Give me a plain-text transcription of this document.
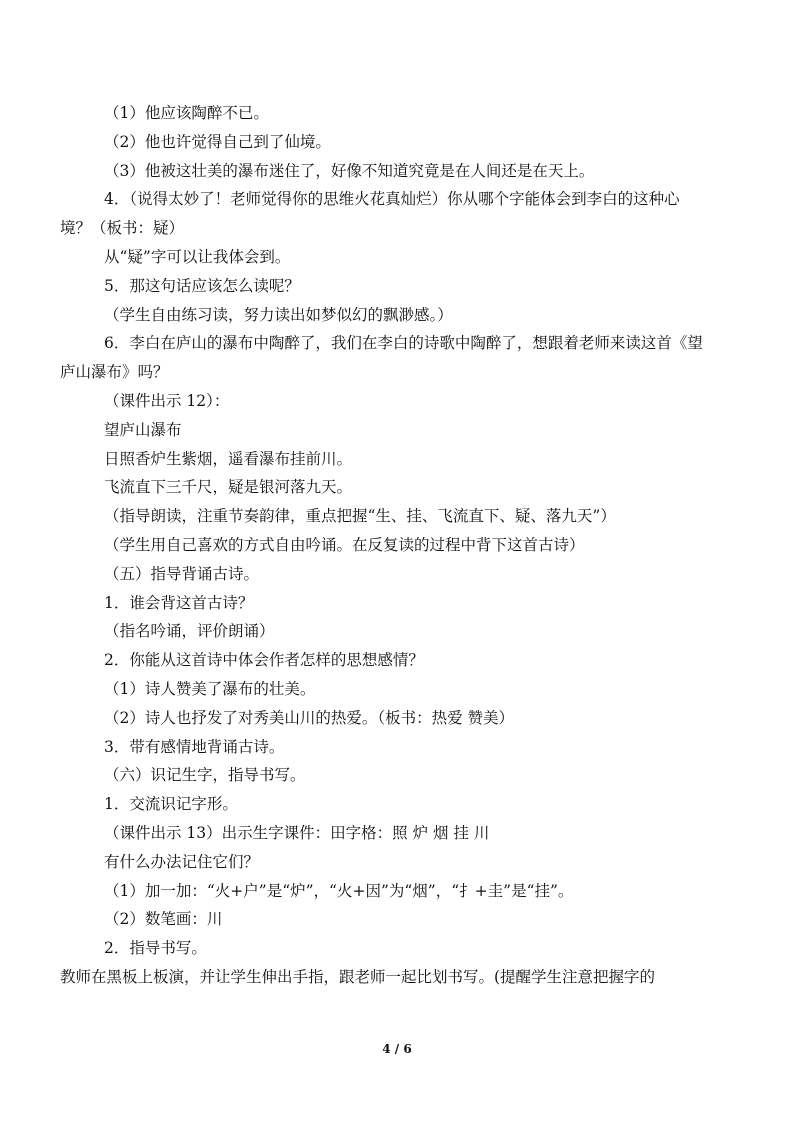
（1）他应该陶醉不已。
（2）他也许觉得自己到了仙境。
（3）他被这壮美的瀑布迷住了，好像不知道究竟是在人间还是在天上。
4．（说得太妙了！老师觉得你的思维火花真灿烂）你从哪个字能体会到李白的这种心
境？（板书：疑）
从“疑”字可以让我体会到。
5．那这句话应该怎么读呢？
（学生自由练习读，努力读出如梦似幻的飘渺感。）
6．李白在庐山的瀑布中陶醉了，我们在李白的诗歌中陶醉了，想跟着老师来读这首《望
庐山瀑布》吗？
（课件出示 12）：
望庐山瀑布
日照香炉生紫烟，遥看瀑布挂前川。
飞流直下三千尺，疑是银河落九天。
（指导朗读，注重节奏韵律，重点把握“生、挂、飞流直下、疑、落九天”）
（学生用自己喜欢的方式自由吟诵。在反复读的过程中背下这首古诗）
（五）指导背诵古诗。
1．谁会背这首古诗？
（指名吟诵，评价朗诵）
2．你能从这首诗中体会作者怎样的思想感情？
（1）诗人赞美了瀑布的壮美。
（2）诗人也抒发了对秀美山川的热爱。（板书：热爱 赞美）
3．带有感情地背诵古诗。
（六）识记生字，指导书写。
1．交流识记字形。
（课件出示 13）出示生字课件：田字格：照 炉 烟 挂 川
有什么办法记住它们？
（1）加一加：“火+户”是“炉”，“火+因”为“烟”，“扌+圭”是“挂”。
（2）数笔画：川
2．指导书写。
教师在黑板上板演，并让学生伸出手指，跟老师一起比划书写。(提醒学生注意把握字的
4 / 6
